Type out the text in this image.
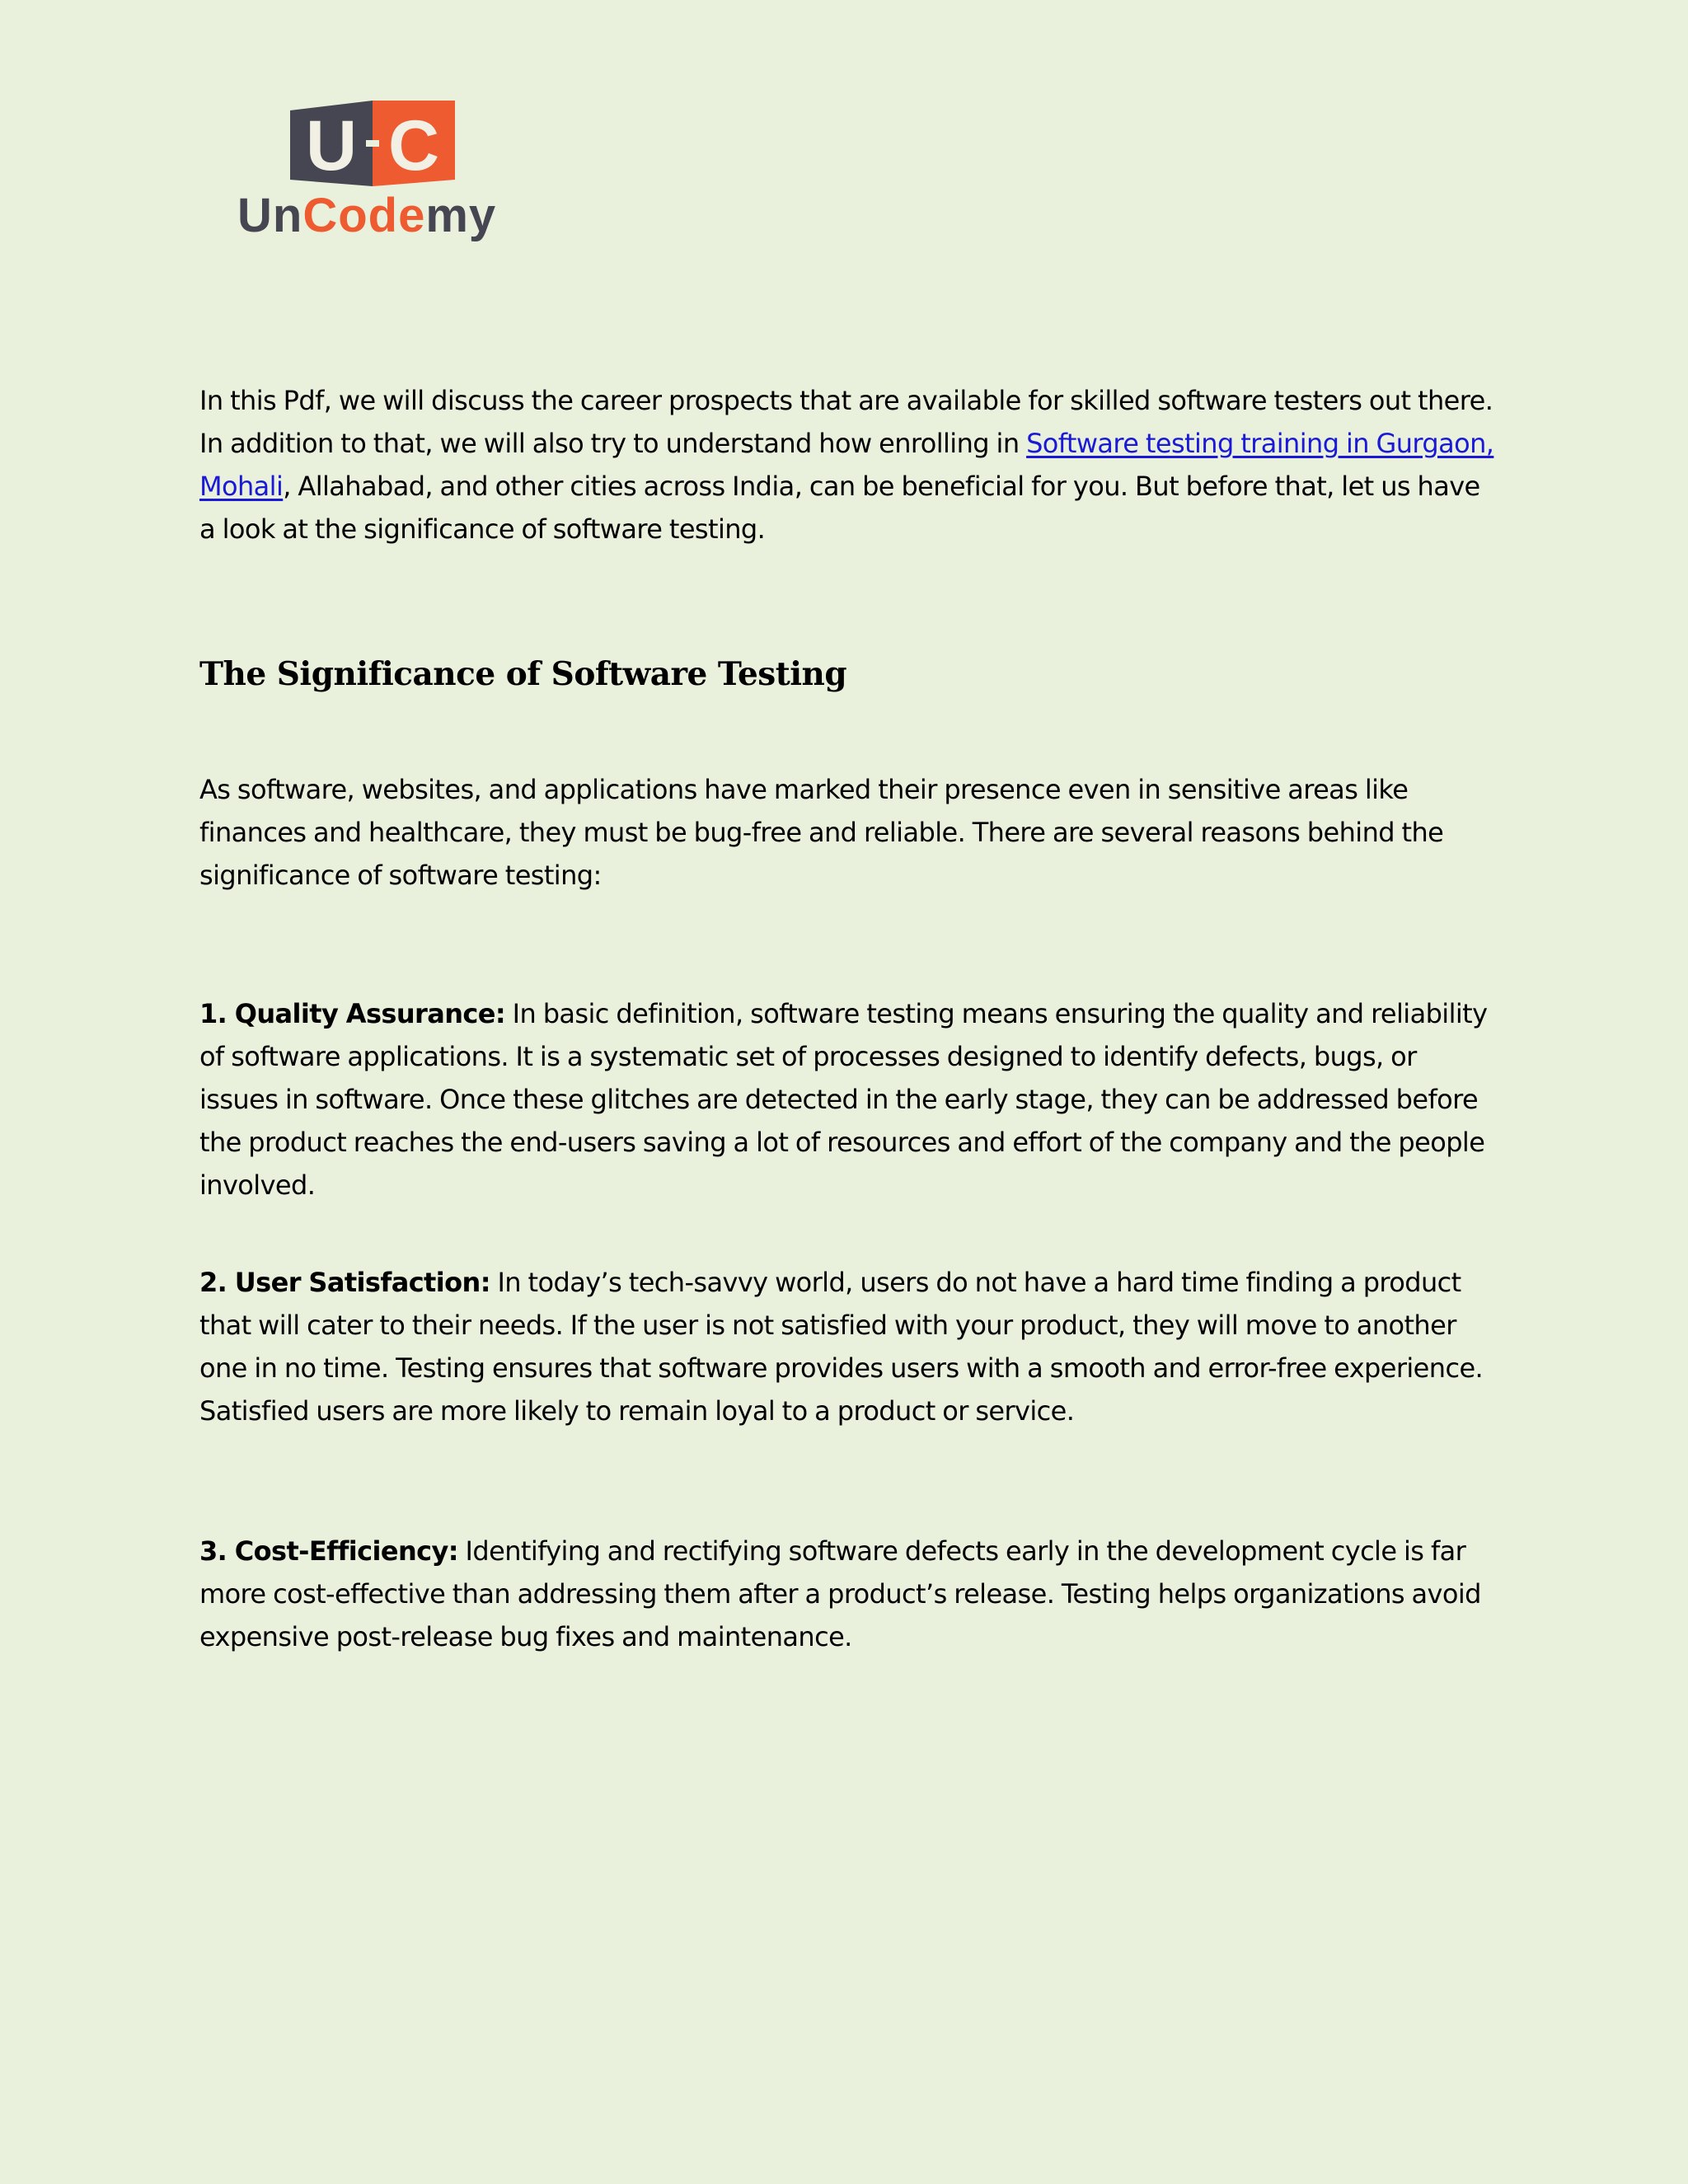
U C
UnCodemy

In this Pdf, we will discuss the career prospects that are available for skilled software testers out there. In addition to that, we will also try to understand how enrolling in Software testing training in Gurgaon, Mohali, Allahabad, and other cities across India, can be beneficial for you. But before that, let us have a look at the significance of software testing.

The Significance of Software Testing

As software, websites, and applications have marked their presence even in sensitive areas like finances and healthcare, they must be bug-free and reliable. There are several reasons behind the significance of software testing:

1. Quality Assurance: In basic definition, software testing means ensuring the quality and reliability of software applications. It is a systematic set of processes designed to identify defects, bugs, or issues in software. Once these glitches are detected in the early stage, they can be addressed before the product reaches the end-users saving a lot of resources and effort of the company and the people involved.

2. User Satisfaction: In today’s tech-savvy world, users do not have a hard time finding a product that will cater to their needs. If the user is not satisfied with your product, they will move to another one in no time. Testing ensures that software provides users with a smooth and error-free experience. Satisfied users are more likely to remain loyal to a product or service.

3. Cost-Efficiency: Identifying and rectifying software defects early in the development cycle is far more cost-effective than addressing them after a product’s release. Testing helps organizations avoid expensive post-release bug fixes and maintenance.
